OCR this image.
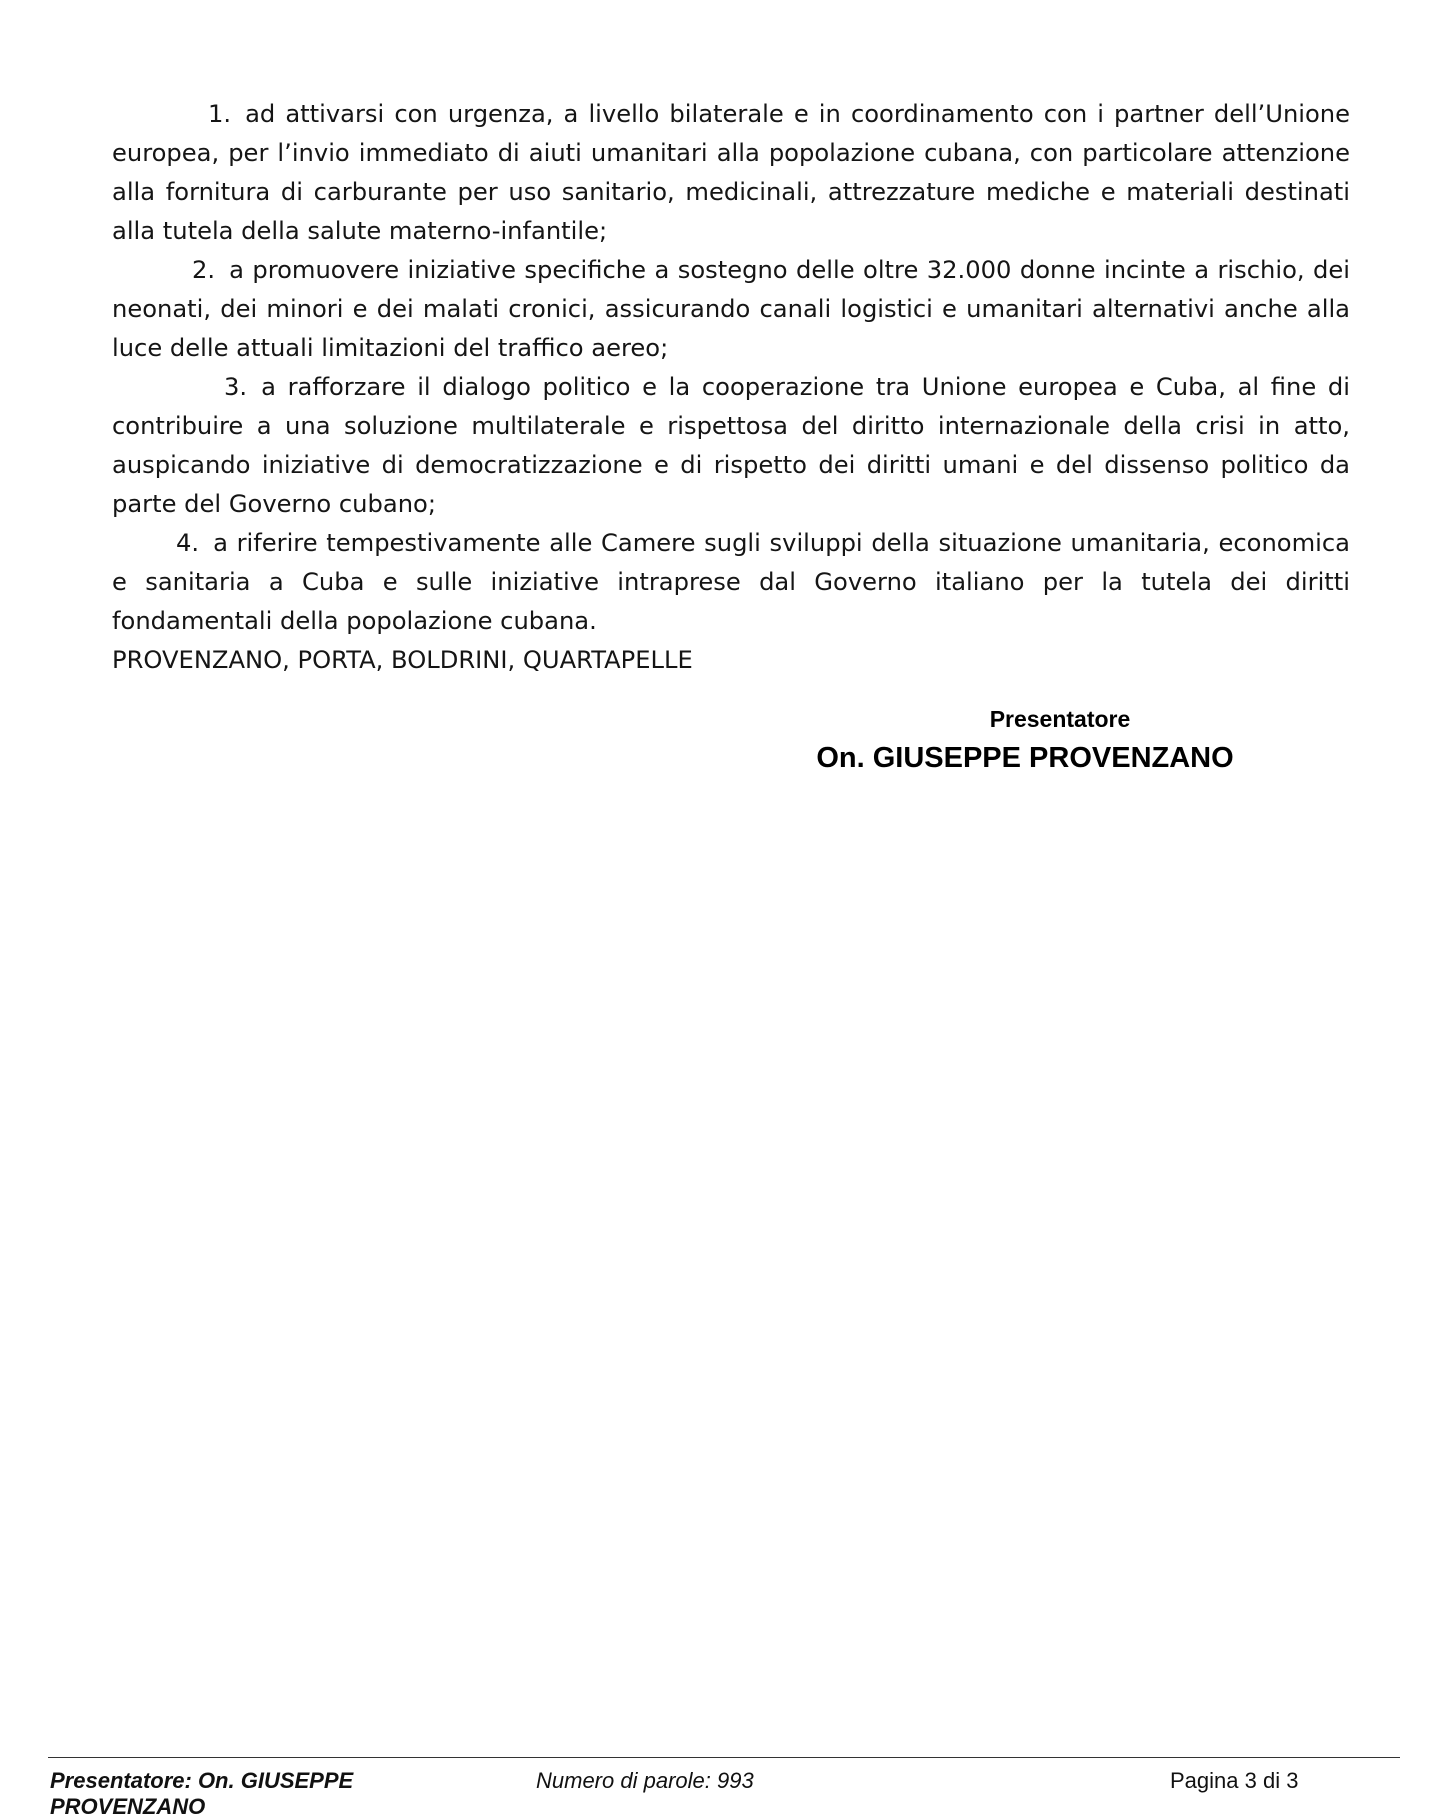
1. ad attivarsi con urgenza, a livello bilaterale e in coordinamento con i partner dell’Unione europea, per l’invio immediato di aiuti umanitari alla popolazione cubana, con particolare attenzione alla fornitura di carburante per uso sanitario, medicinali, attrezzature mediche e materiali destinati alla tutela della salute materno-infantile;

2. a promuovere iniziative specifiche a sostegno delle oltre 32.000 donne incinte a rischio, dei neonati, dei minori e dei malati cronici, assicurando canali logistici e umanitari alternativi anche alla luce delle attuali limitazioni del traffico aereo;

3. a rafforzare il dialogo politico e la cooperazione tra Unione europea e Cuba, al fine di contribuire a una soluzione multilaterale e rispettosa del diritto internazionale della crisi in atto, auspicando iniziative di democratizzazione e di rispetto dei diritti umani e del dissenso politico da parte del Governo cubano;

4. a riferire tempestivamente alle Camere sugli sviluppi della situazione umanitaria, economica e sanitaria a Cuba e sulle iniziative intraprese dal Governo italiano per la tutela dei diritti fondamentali della popolazione cubana.

PROVENZANO, PORTA, BOLDRINI, QUARTAPELLE

Presentatore
On. GIUSEPPE PROVENZANO
Presentatore: On. GIUSEPPE PROVENZANO
Numero di parole: 993	Pagina 3 di 3
